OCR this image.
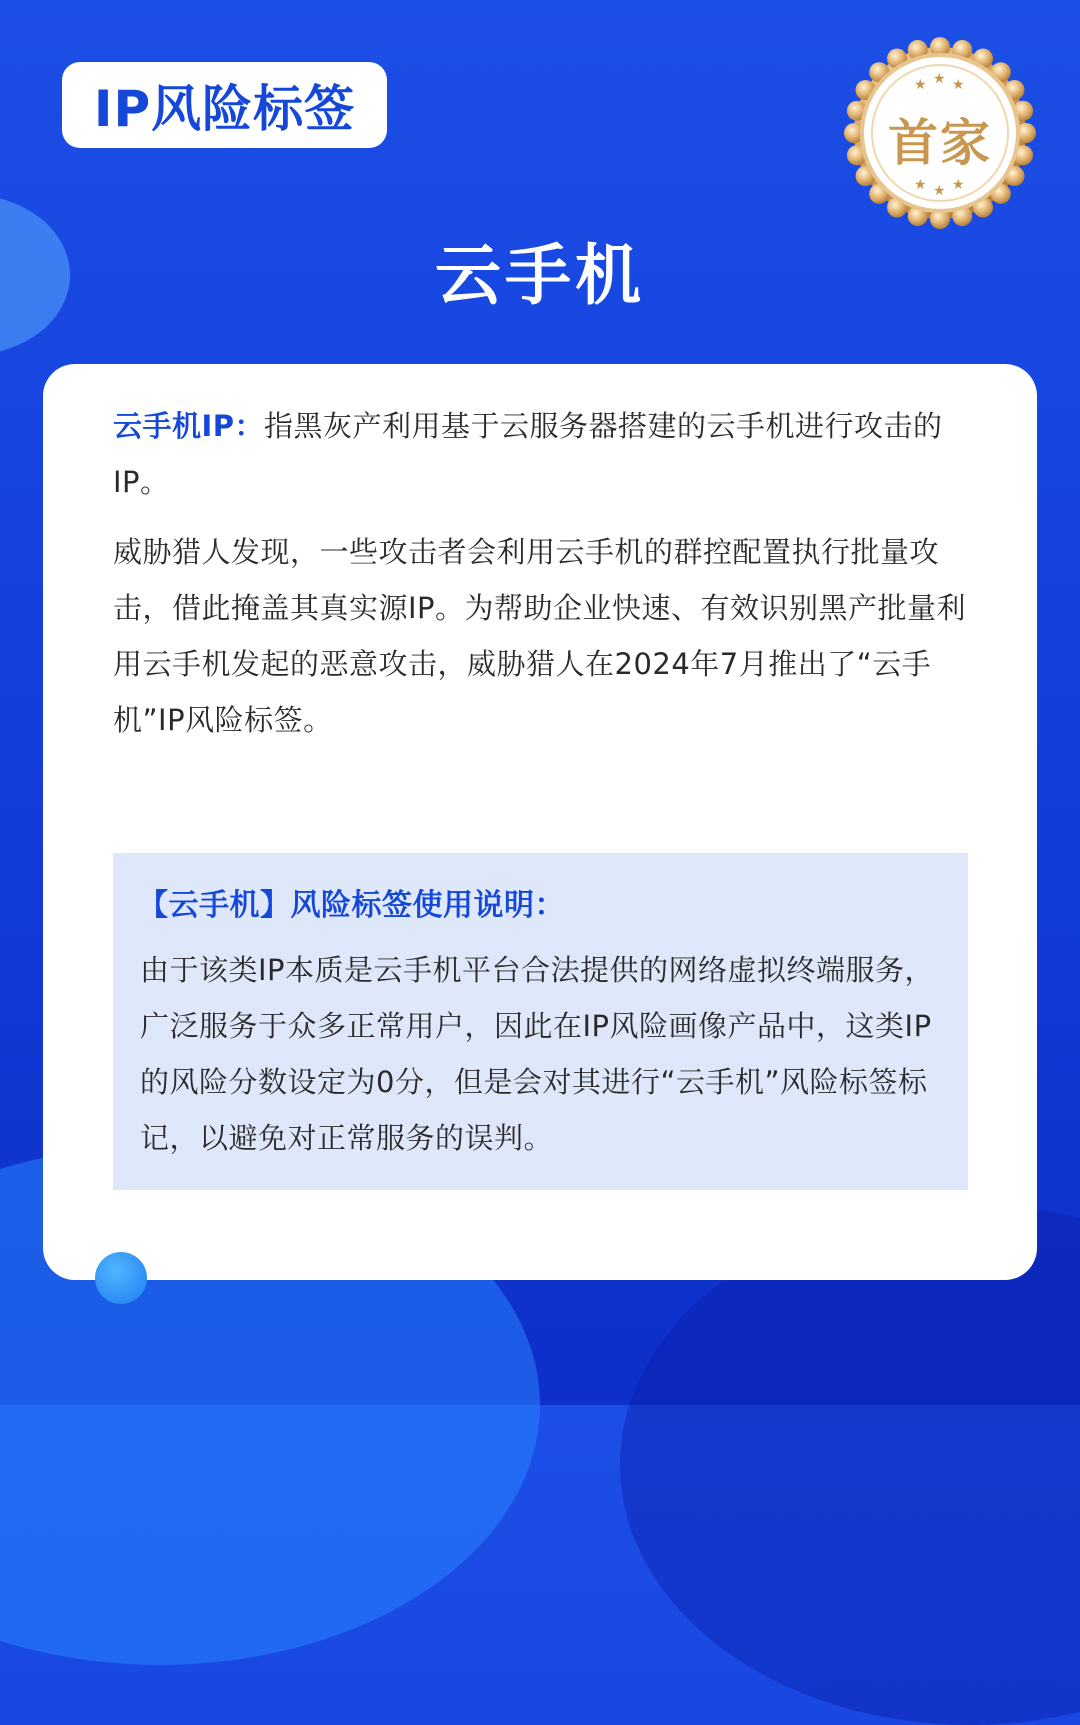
IP风险标签	★ ★ ★
★ ★ ★
首家
云手机
云手机IP：指黑灰产利用基于云服务器搭建的云手机进行攻击的IP。
威胁猎人发现，一些攻击者会利用云手机的群控配置执行批量攻击，借此掩盖其真实源IP。为帮助企业快速、有效识别黑产批量利用云手机发起的恶意攻击，威胁猎人在2024年7月推出了“云手机”IP风险标签。
【云手机】风险标签使用说明：
由于该类IP本质是云手机平台合法提供的网络虚拟终端服务，广泛服务于众多正常用户，因此在IP风险画像产品中，这类IP的风险分数设定为0分，但是会对其进行“云手机”风险标签标记，以避免对正常服务的误判。
